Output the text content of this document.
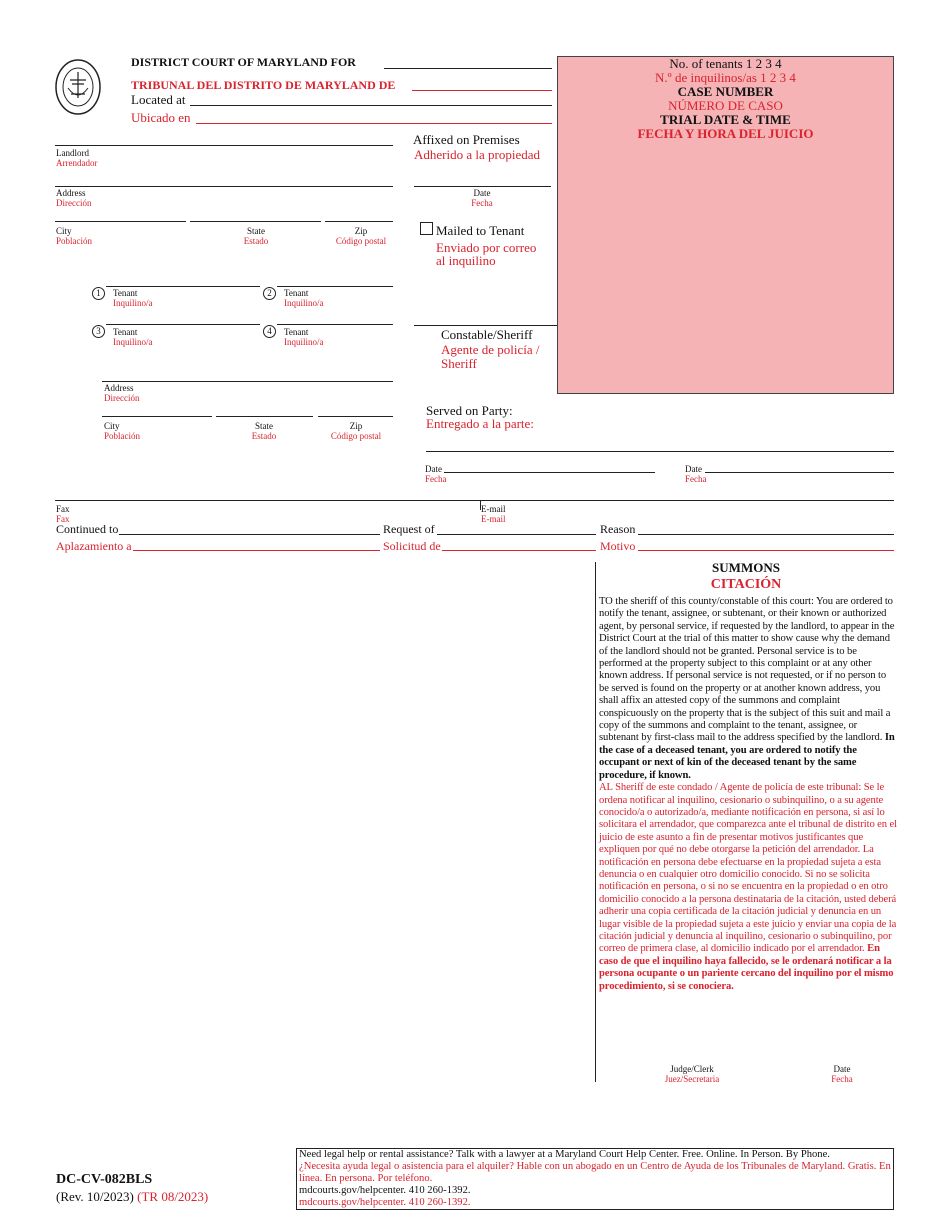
DISTRICT COURT OF MARYLAND FOR
TRIBUNAL DEL DISTRITO DE MARYLAND DE
Located at
Ubicado en
No. of tenants 1 2 3 4
N.º de inquilinos/as 1 2 3 4
CASE NUMBER
NÚMERO DE CASO
TRIAL DATE & TIME
FECHA Y HORA DEL JUICIO
Landlord
Arrendador
Address
Dirección
City
Población
State
Estado
Zip
Código postal
1	Tenant
Inquilino/a
2	Tenant
Inquilino/a
3	Tenant
Inquilino/a
4	Tenant
Inquilino/a
Address
Dirección
City
Población
State
Estado
Zip
Código postal
Affixed on Premises
Adherido a la propiedad
Date
Fecha
Mailed to Tenant
Enviado por correo
al inquilino
Constable/Sheriff
Agente de policía /
Sheriff
Served on Party:
Entregado a la parte:
Date
Fecha
Date
Fecha
Fax
Fax
E-mail
E-mail
Continued to
Aplazamiento a
Request of
Solicitud de
Reason
Motivo
SUMMONS
CITACIÓN

TO the sheriff of this county/constable of this court: You are ordered to notify the tenant, assignee, or subtenant, or their known or authorized agent, by personal service, if requested by the landlord, to appear in the District Court at the trial of this matter to show cause why the demand of the landlord should not be granted. Personal service is to be performed at the property subject to this complaint or at any other known address. If personal service is not requested, or if no person to be served is found on the property or at another known address, you shall affix an attested copy of the summons and complaint conspicuously on the property that is the subject of this suit and mail a copy of the summons and complaint to the tenant, assignee, or subtenant by first-class mail to the address specified by the landlord. In the case of a deceased tenant, you are ordered to notify the occupant or next of kin of the deceased tenant by the same procedure, if known.

AL Sheriff de este condado / Agente de policía de este tribunal: Se le ordena notificar al inquilino, cesionario o subinquilino, o a su agente conocido/a o autorizado/a, mediante notificación en persona, si así lo solicitara el arrendador, que comparezca ante el tribunal de distrito en el juicio de este asunto a fin de presentar motivos justificantes que expliquen por qué no debe otorgarse la petición del arrendador. La notificación en persona debe efectuarse en la propiedad sujeta a esta denuncia o en cualquier otro domicilio conocido. Si no se solicita notificación en persona, o si no se encuentra en la propiedad o en otro domicilio conocido a la persona destinataria de la citación, usted deberá adherir una copia certificada de la citación judicial y denuncia en un lugar visible de la propiedad sujeta a este juicio y enviar una copia de la citación judicial y denuncia al inquilino, cesionario o subinquilino, por correo de primera clase, al domicilio indicado por el arrendador. En caso de que el inquilino haya fallecido, se le ordenará notificar a la persona ocupante o un pariente cercano del inquilino por el mismo procedimiento, si se conociera.

Judge/Clerk
Juez/Secretaria
Date
Fecha
DC-CV-082BLS
(Rev. 10/2023) (TR 08/2023)
Need legal help or rental assistance? Talk with a lawyer at a Maryland Court Help Center. Free. Online. In Person. By Phone.
¿Necesita ayuda legal o asistencia para el alquiler? Hable con un abogado en un Centro de Ayuda de los Tribunales de Maryland. Gratis. En línea. En persona. Por teléfono.
mdcourts.gov/helpcenter. 410 260-1392.
mdcourts.gov/helpcenter. 410 260-1392.
